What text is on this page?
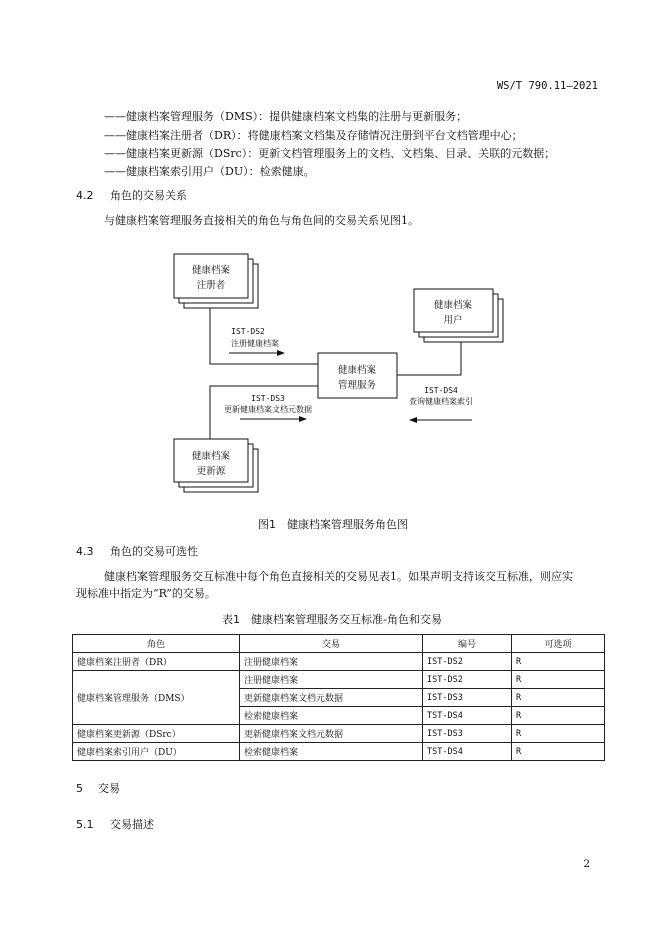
WS/T 790.11—2021
——健康档案管理服务（DMS）：提供健康档案文档集的注册与更新服务；
——健康档案注册者（DR）：将健康档案文档集及存储情况注册到平台文档管理中心；
——健康档案更新源（DSrc）：更新文档管理服务上的文档、文档集、目录、关联的元数据；
——健康档案索引用户（DU）：检索健康。
4.2 角色的交易关系
与健康档案管理服务直接相关的角色与角色间的交易关系见图1。
健康档案
注册者
健康档案
用户
健康档案
管理服务
健康档案
更新源
IST-DS2
注册健康档案
IST-DS3
更新健康档案文档元数据
IST-DS4
查询健康档案索引
图1　健康档案管理服务角色图
4.3 角色的交易可选性
健康档案管理服务交互标准中每个角色直接相关的交易见表1。如果声明支持该交互标准，则应实
现标准中指定为“R”的交易。
表1　健康档案管理服务交互标准-角色和交易
角色	交易	编号	可选项
健康档案注册者（DR）	注册健康档案	IST-DS2	R
健康档案管理服务（DMS）	注册健康档案	IST-DS2	R
	更新健康档案文档元数据	IST-DS3	R
	检索健康档案	TST-DS4	R
健康档案更新源（DSrc）	更新健康档案文档元数据	IST-DS3	R
健康档案索引用户（DU）	检索健康档案	TST-DS4	R
5 交易
5.1 交易描述
2
